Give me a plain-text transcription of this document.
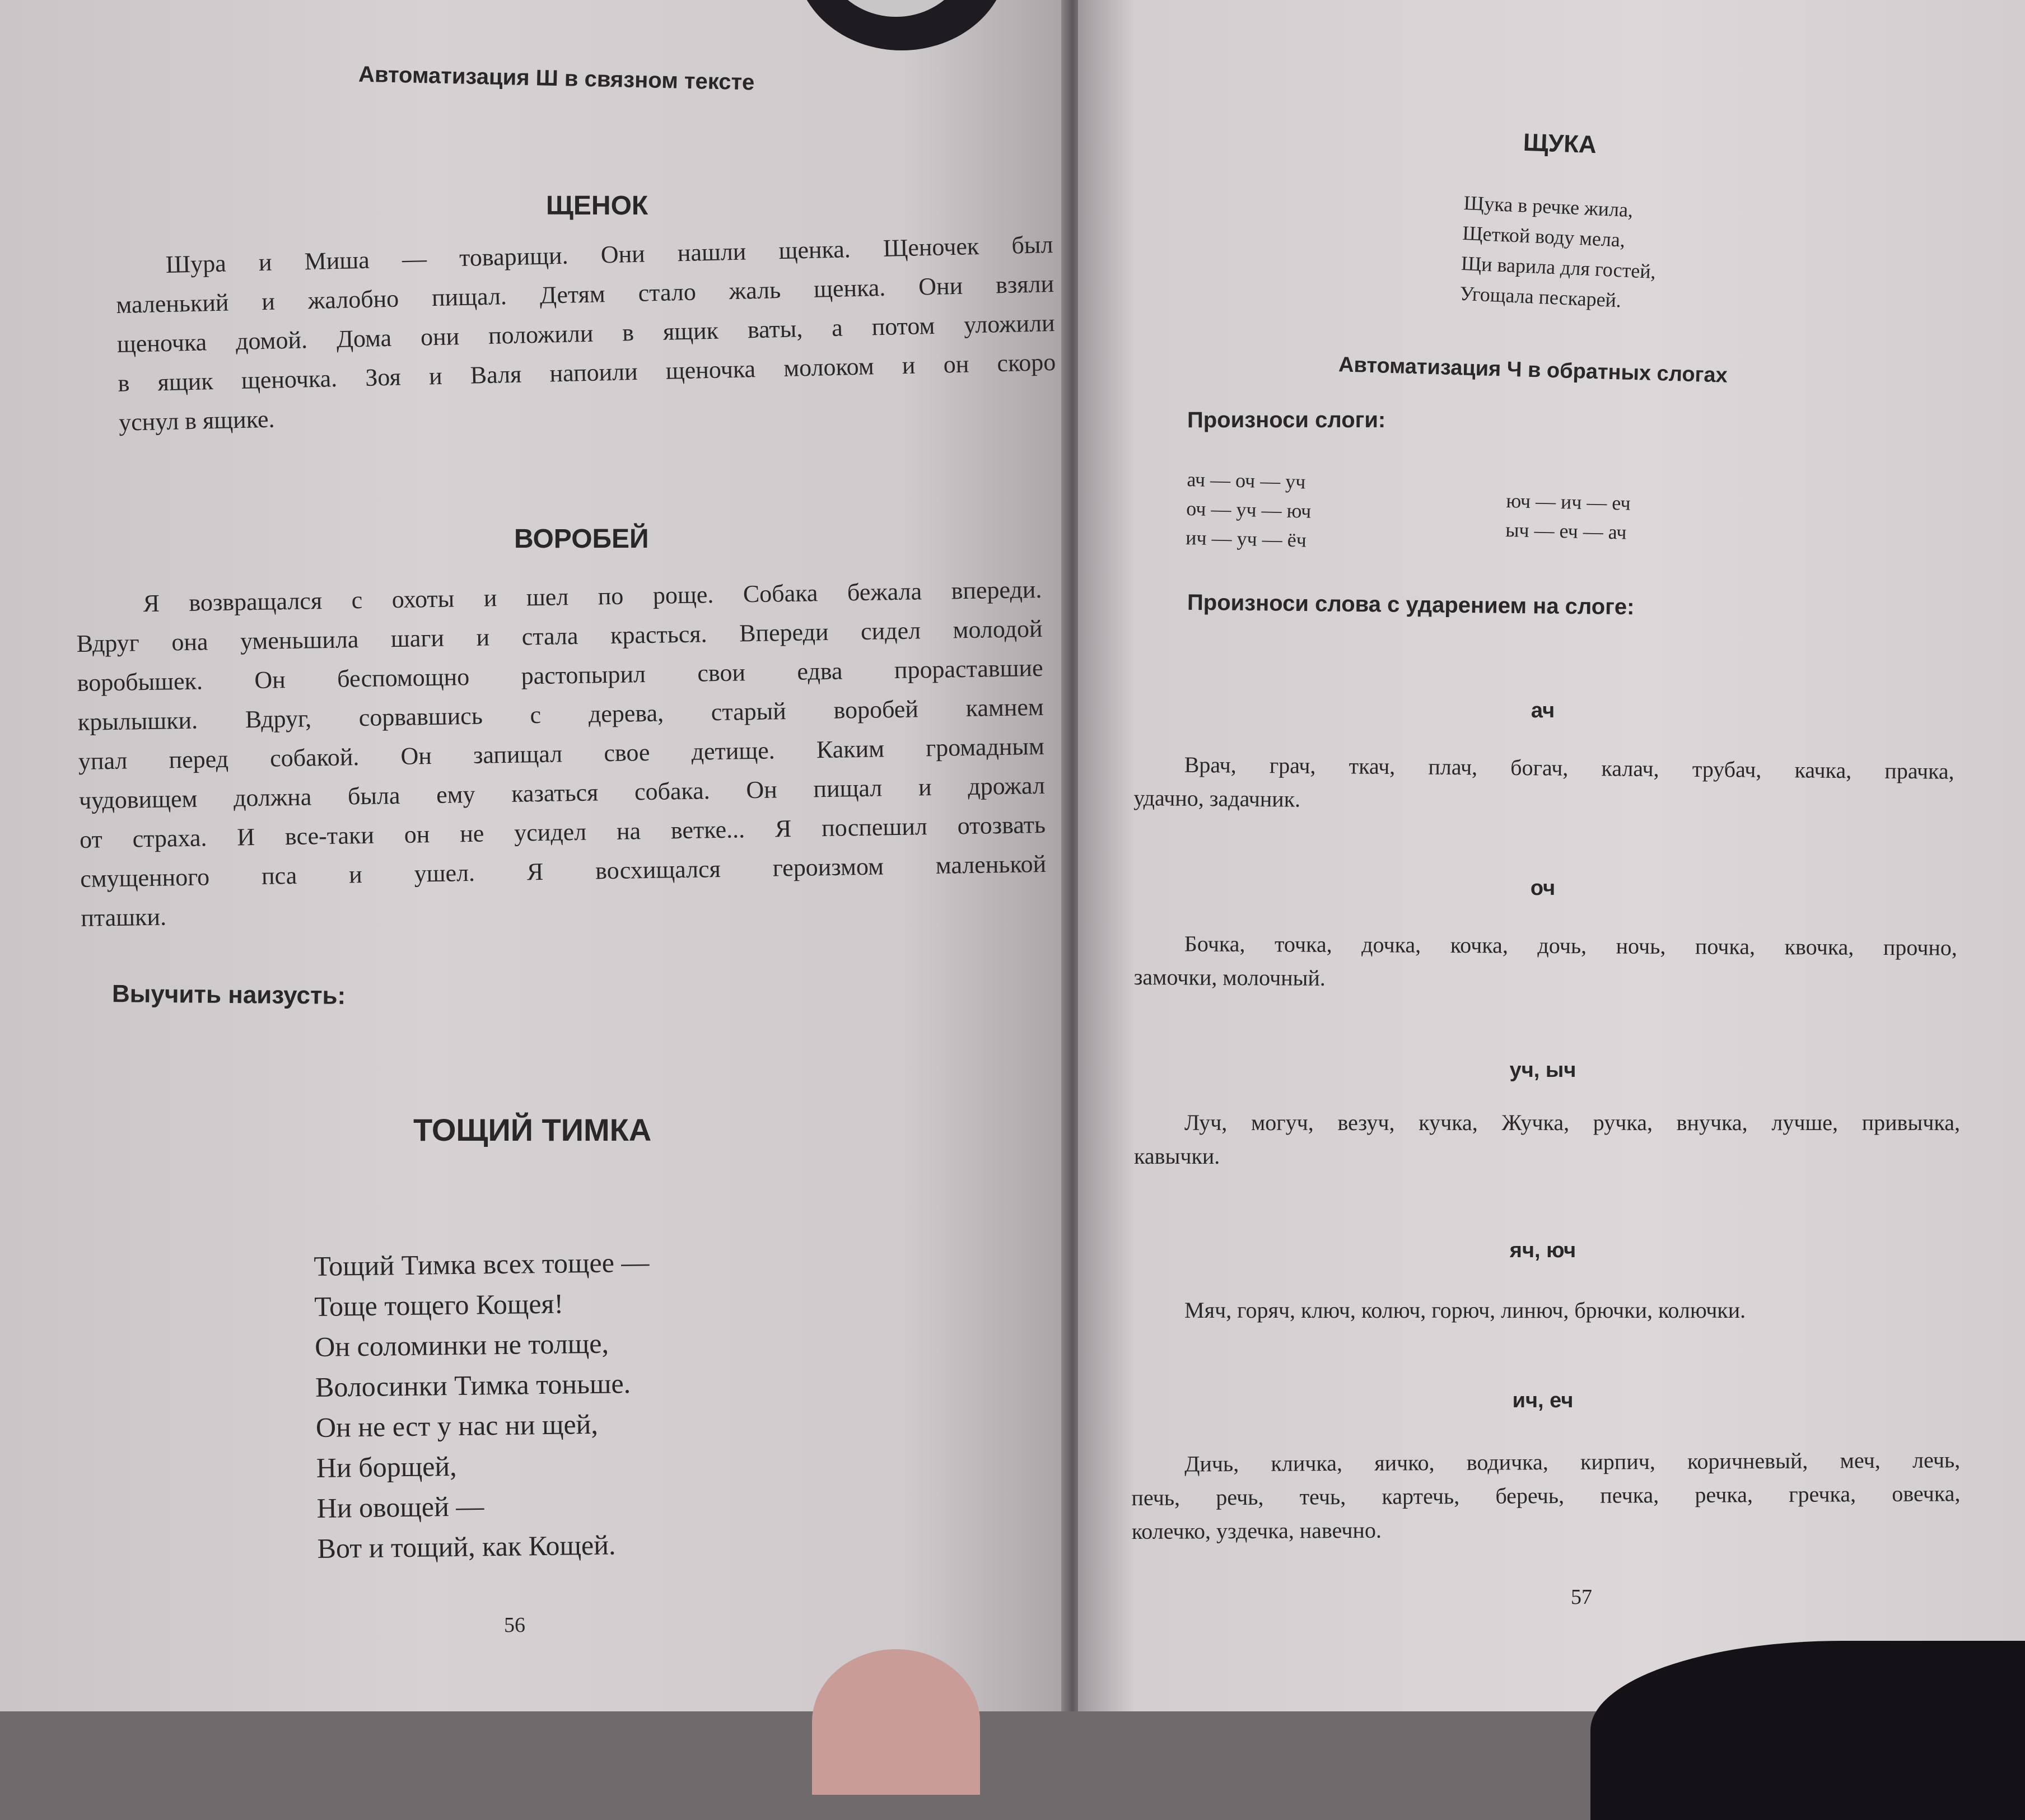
Автоматизация Ш в связном тексте
ЩЕНОК
Шура и Миша — товарищи. Они нашли щенка. Щеночек был
маленький и жалобно пищал. Детям стало жаль щенка. Они взяли
щеночка домой. Дома они положили в ящик ваты, а потом уложили
в ящик щеночка. Зоя и Валя напоили щеночка молоком и он скоро
уснул в ящике.
ВОРОБЕЙ
Я возвращался с охоты и шел по роще. Собака бежала впереди.
Вдруг она уменьшила шаги и стала красться. Впереди сидел молодой
воробышек. Он беспомощно растопырил свои едва прораставшие
крылышки. Вдруг, сорвавшись с дерева, старый воробей камнем
упал перед собакой. Он запищал свое детище. Каким громадным
чудовищем должна была ему казаться собака. Он пищал и дрожал
от страха. И все-таки он не усидел на ветке... Я поспешил отозвать
смущенного пса и ушел. Я восхищался героизмом маленькой
пташки.
Выучить наизусть:
ТОЩИЙ ТИМКА
Тощий Тимка всех тощее —
Тоще тощего Кощея!
Он соломинки не толще,
Волосинки Тимка тоньше.
Он не ест у нас ни щей,
Ни борщей,
Ни овощей —
Вот и тощий, как Кощей.
56
ЩУКА
Щука в речке жила,
Щеткой воду мела,
Щи варила для гостей,
Угощала пескарей.
Автоматизация Ч в обратных слогах
Произноси слоги:
ач — оч — уч
оч — уч — юч
ич — уч — ёч
юч — ич — еч
ыч — еч — ач
Произноси слова с ударением на слоге:
ач
Врач, грач, ткач, плач, богач, калач, трубач, качка, прачка,
удачно, задачник.
оч
Бочка, точка, дочка, кочка, дочь, ночь, почка, квочка, прочно,
замочки, молочный.
уч, ыч
Луч, могуч, везуч, кучка, Жучка, ручка, внучка, лучше, привычка,
кавычки.
яч, юч
Мяч, горяч, ключ, колюч, горюч, линюч, брючки, колючки.
ич, еч
Дичь, кличка, яичко, водичка, кирпич, коричневый, меч, лечь,
печь, речь, течь, картечь, беречь, печка, речка, гречка, овечка,
колечко, уздечка, навечно.
57
